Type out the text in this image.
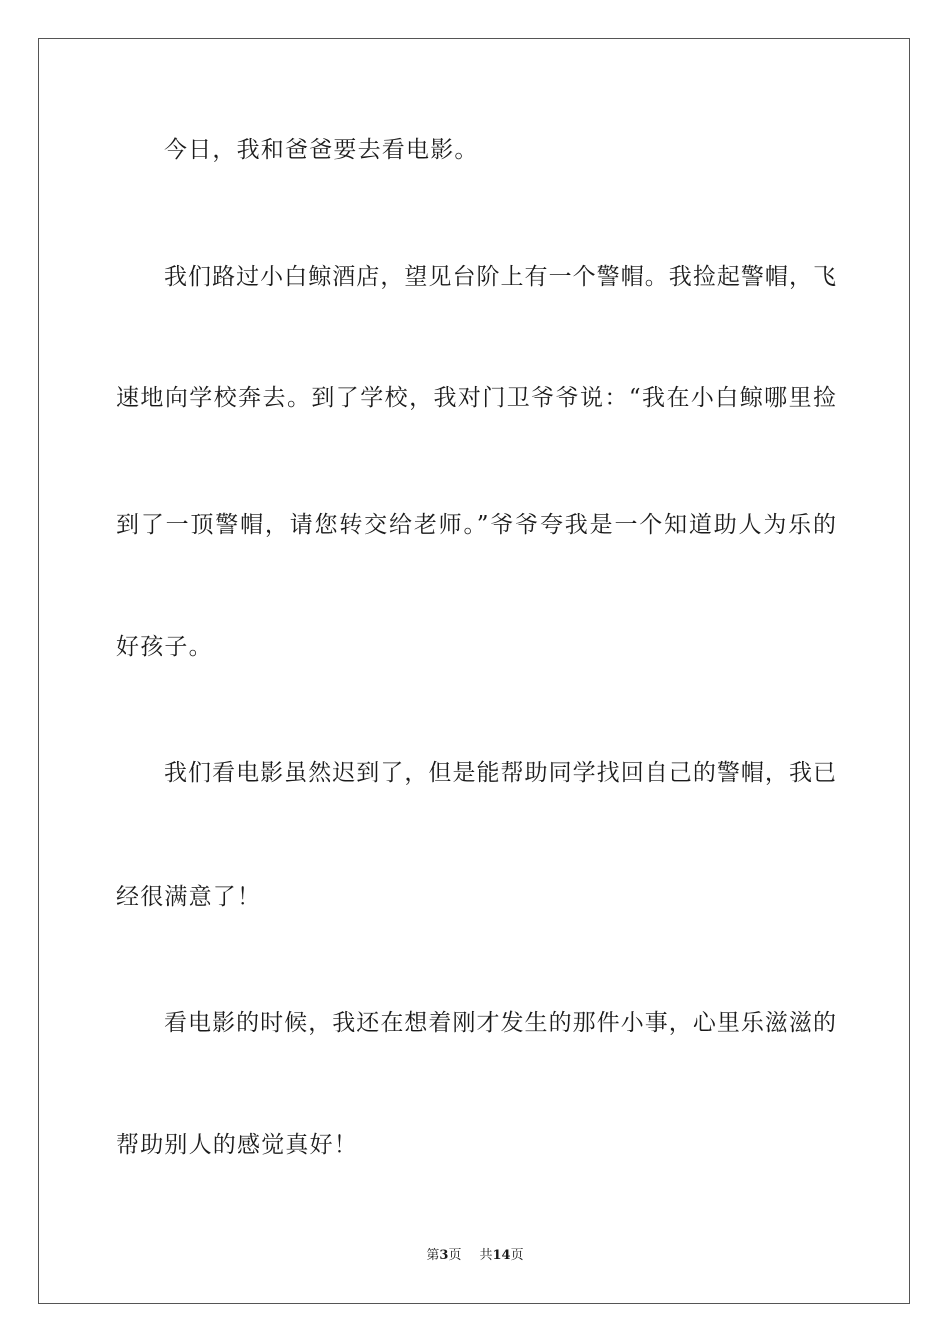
今日，我和爸爸要去看电影。
我们路过小白鲸酒店，望见台阶上有一个警帽。我捡起警帽，飞
速地向学校奔去。到了学校，我对门卫爷爷说：“我在小白鲸哪里捡
到了一顶警帽，请您转交给老师。”爷爷夸我是一个知道助人为乐的
好孩子。
我们看电影虽然迟到了，但是能帮助同学找回自己的警帽，我已
经很满意了！
看电影的时候，我还在想着刚才发生的那件小事，心里乐滋滋的
帮助别人的感觉真好！
第3页 共14页
